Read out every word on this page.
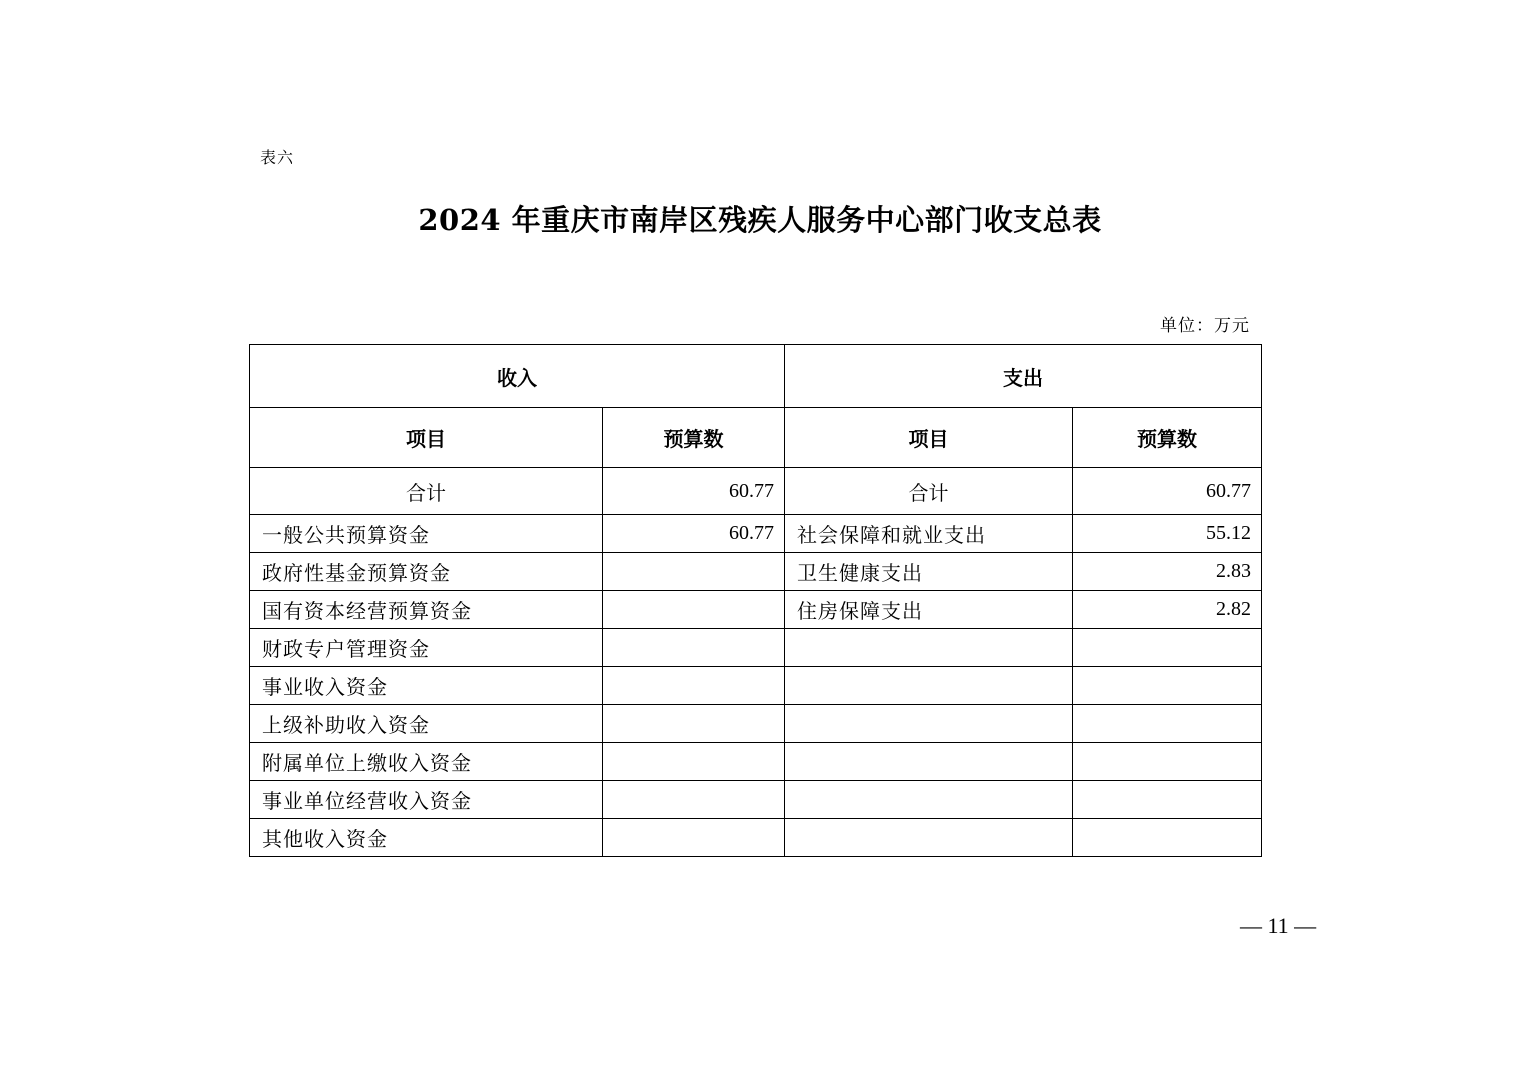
表六
2024 年重庆市南岸区残疾人服务中心部门收支总表
单位：万元
收入		支出	
项目	预算数	项目	预算数
合计	60.77	合计	60.77
一般公共预算资金	60.77	社会保障和就业支出	55.12
政府性基金预算资金		卫生健康支出	2.83
国有资本经营预算资金		住房保障支出	2.82
财政专户管理资金			
事业收入资金			
上级补助收入资金			
附属单位上缴收入资金			
事业单位经营收入资金			
其他收入资金			
— 11 —
